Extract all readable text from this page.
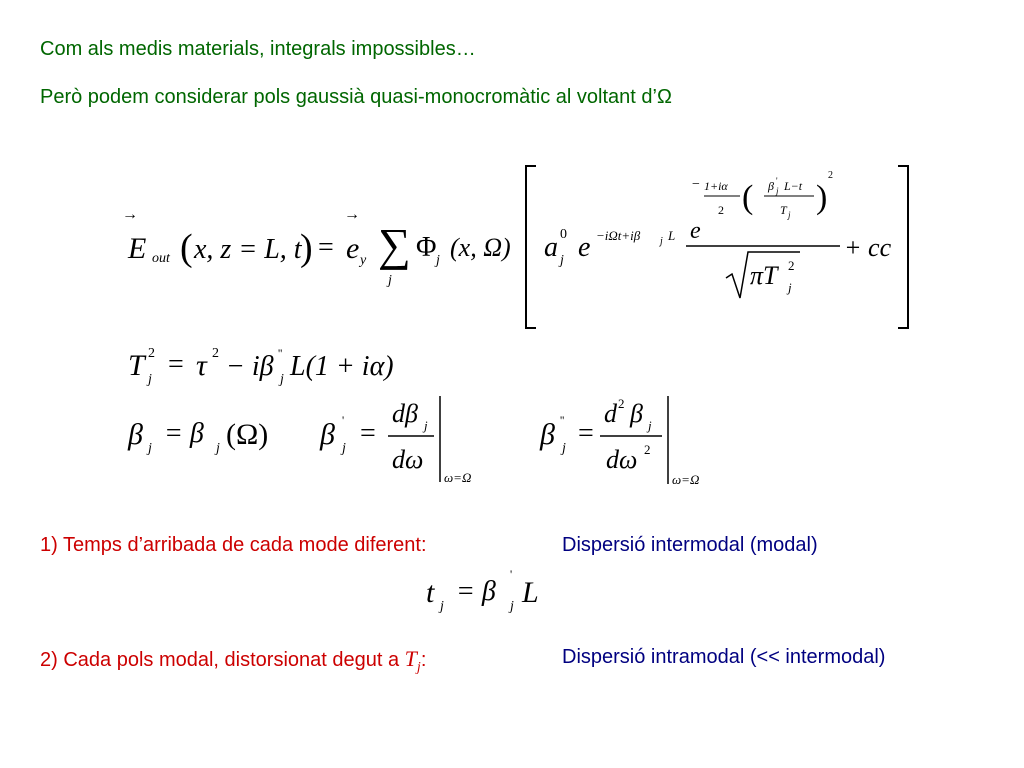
Com als medis materials, integrals impossibles…
Però podem considerar pols gaussià quasi-monocromàtic al voltant d’Ω
→
E out ( x, z = L, t
) =
→
e y ∑
j
Φ j (x, Ω) a 0
j e −iΩt+iβ j L
− 1+iα
2 ( β '
j L−t
T j )
2
e
πT 2
j
+ cc
T 2
j = τ 2 − iβ ''
j L(1 + iα)
β j = β j (Ω) β '
j =
dβ j
dω
ω=Ω
β ''
j =
d 2 β j
dω 2
ω=Ω
1) Temps d’arribada de cada mode diferent:	Dispersió intermodal (modal)
t j = β
'
j L
2) Cada pols modal, distorsionat degut a $T_j$:	Dispersió intramodal (<< intermodal)
